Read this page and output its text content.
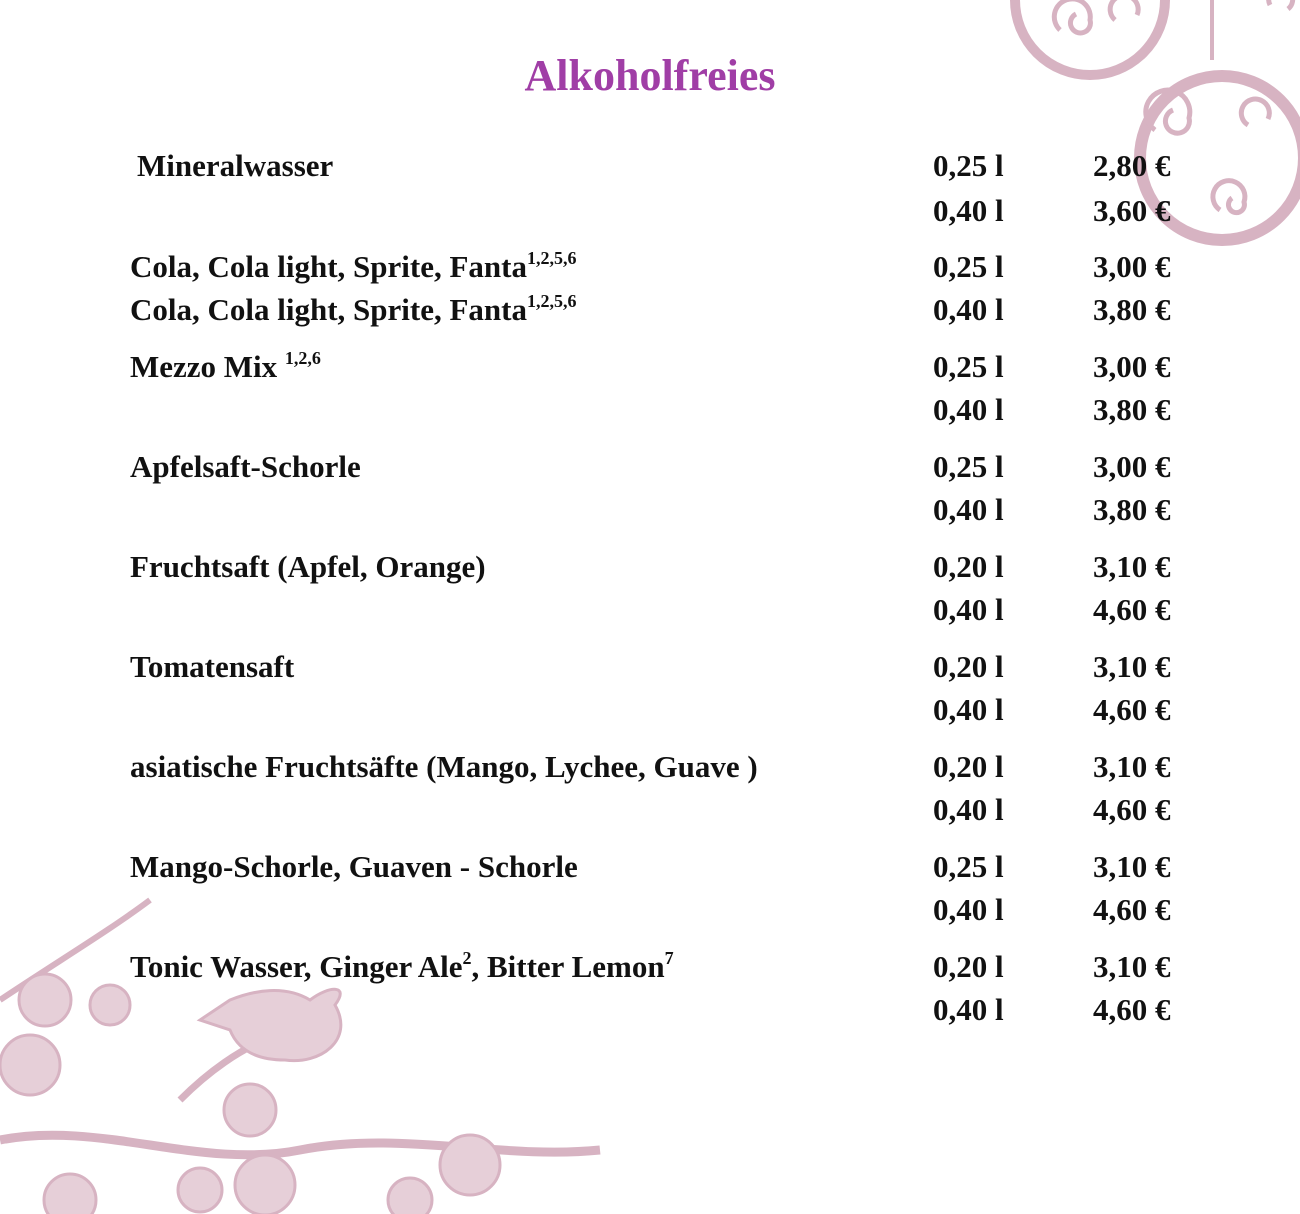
Alkoholfreies
Mineralwasser	0,25 l	2,80 €
0,40 l	3,60 €
Cola, Cola light, Sprite, Fanta$^{1,2,5,6}$	0,25 l	3,00 €
Cola, Cola light, Sprite, Fanta$^{1,2,5,6}$	0,40 l	3,80 €
Mezzo Mix $^{1,2,6}$	0,25 l	3,00 €
0,40 l	3,80 €
Apfelsaft-Schorle	0,25 l	3,00 €
0,40 l	3,80 €
Fruchtsaft (Apfel, Orange)	0,20 l	3,10 €
0,40 l	4,60 €
Tomatensaft	0,20 l	3,10 €
0,40 l	4,60 €
asiatische Fruchtsäfte (Mango, Lychee, Guave )	0,20 l	3,10 €
0,40 l	4,60 €
Mango-Schorle, Guaven - Schorle	0,25 l	3,10 €
0,40 l	4,60 €
Tonic Wasser, Ginger Ale$^2$, Bitter Lemon$^7$	0,20 l	3,10 €
0,40 l	4,60 €
